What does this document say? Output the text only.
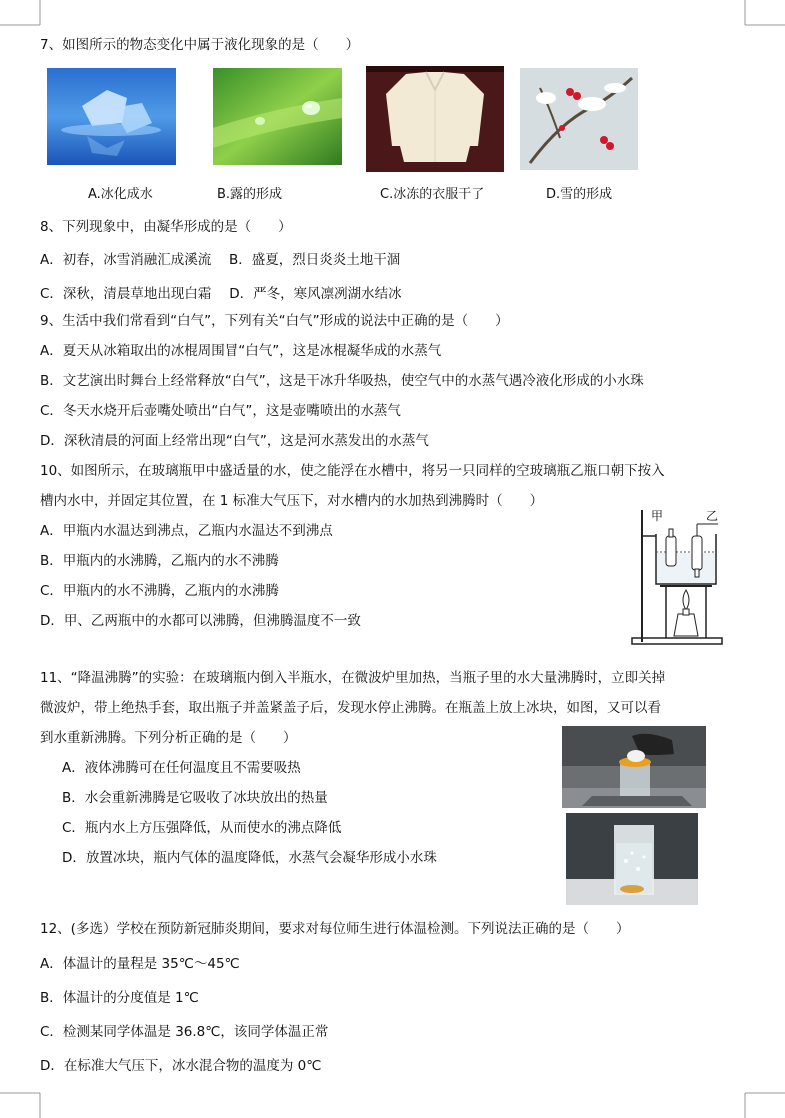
7、如图所示的物态变化中属于液化现象的是（　　）
A.冰化成水	B.露的形成	C.冰冻的衣服干了	D.雪的形成
8、下列现象中，由凝华形成的是（　　）
A．初春，冰雪消融汇成溪流　 B．盛夏，烈日炎炎土地干涸
C．深秋，清晨草地出现白霜　 D．严冬，寒风凛冽湖水结冰
9、生活中我们常看到“白气”，下列有关“白气”形成的说法中正确的是（　　）
A．夏天从冰箱取出的冰棍周围冒“白气”，这是冰棍凝华成的水蒸气
B．文艺演出时舞台上经常释放“白气”，这是干冰升华吸热，使空气中的水蒸气遇冷液化形成的小水珠
C．冬天水烧开后壶嘴处喷出“白气”，这是壶嘴喷出的水蒸气
D．深秋清晨的河面上经常出现“白气”，这是河水蒸发出的水蒸气
10、如图所示，在玻璃瓶甲中盛适量的水，使之能浮在水槽中，将另一只同样的空玻璃瓶乙瓶口朝下按入
槽内水中，并固定其位置，在 1 标准大气压下，对水槽内的水加热到沸腾时（　　）
A．甲瓶内水温达到沸点，乙瓶内水温达不到沸点
B．甲瓶内的水沸腾，乙瓶内的水不沸腾
C．甲瓶内的水不沸腾，乙瓶内的水沸腾
D．甲、乙两瓶中的水都可以沸腾，但沸腾温度不一致
甲	乙
11、“降温沸腾”的实验：在玻璃瓶内倒入半瓶水，在微波炉里加热，当瓶子里的水大量沸腾时，立即关掉
微波炉，带上绝热手套，取出瓶子并盖紧盖子后，发现水停止沸腾。在瓶盖上放上冰块，如图，又可以看
到水重新沸腾。下列分析正确的是（　　）
A．液体沸腾可在任何温度且不需要吸热
B．水会重新沸腾是它吸收了冰块放出的热量
C．瓶内水上方压强降低，从而使水的沸点降低
D．放置冰块，瓶内气体的温度降低，水蒸气会凝华形成小水珠
12、(多选）学校在预防新冠肺炎期间，要求对每位师生进行体温检测。下列说法正确的是（　　）
A．体温计的量程是 35℃～45℃
B．体温计的分度值是 1℃
C．检测某同学体温是 36.8℃，该同学体温正常
D．在标准大气压下，冰水混合物的温度为 0℃
